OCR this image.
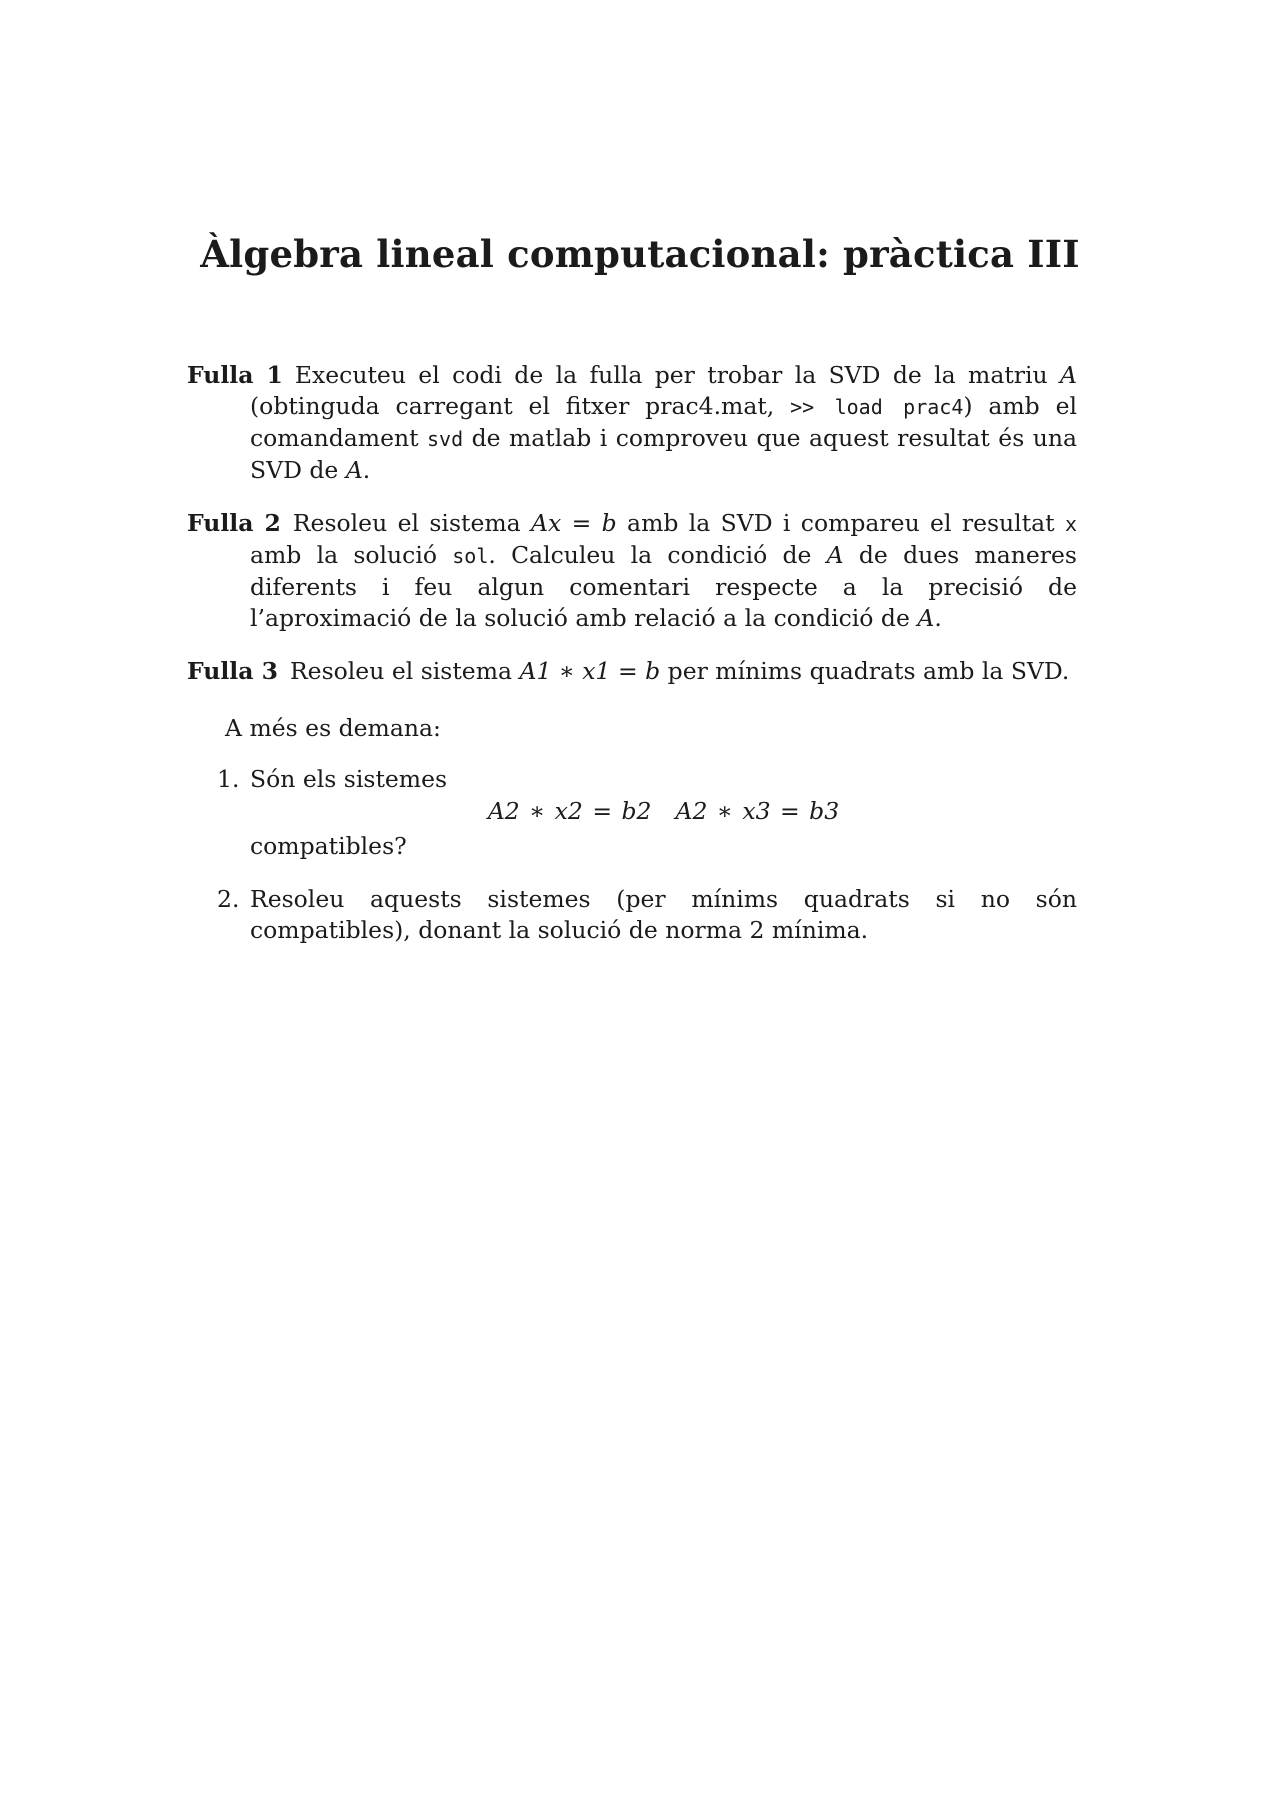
Àlgebra lineal computacional: pràctica III

Fulla 1 Executeu el codi de la fulla per trobar la SVD de la matriu A (obtinguda carregant el fitxer prac4.mat, >> load prac4) amb el comandament svd de matlab i comproveu que aquest resultat és una SVD de A.

Fulla 2 Resoleu el sistema Ax = b amb la SVD i compareu el resultat x amb la solució sol. Calculeu la condició de A de dues maneres diferents i feu algun comentari respecte a la precisió de l’aproximació de la solució amb relació a la condició de A.

Fulla 3 Resoleu el sistema A1 ∗ x1 = b per mínims quadrats amb la SVD.

A més es demana:

1. Són els sistemes
A2 ∗ x2 = b2 A2 ∗ x3 = b3
compatibles?
2. Resoleu aquests sistemes (per mínims quadrats si no són compatibles), donant la solució de norma 2 mínima.
